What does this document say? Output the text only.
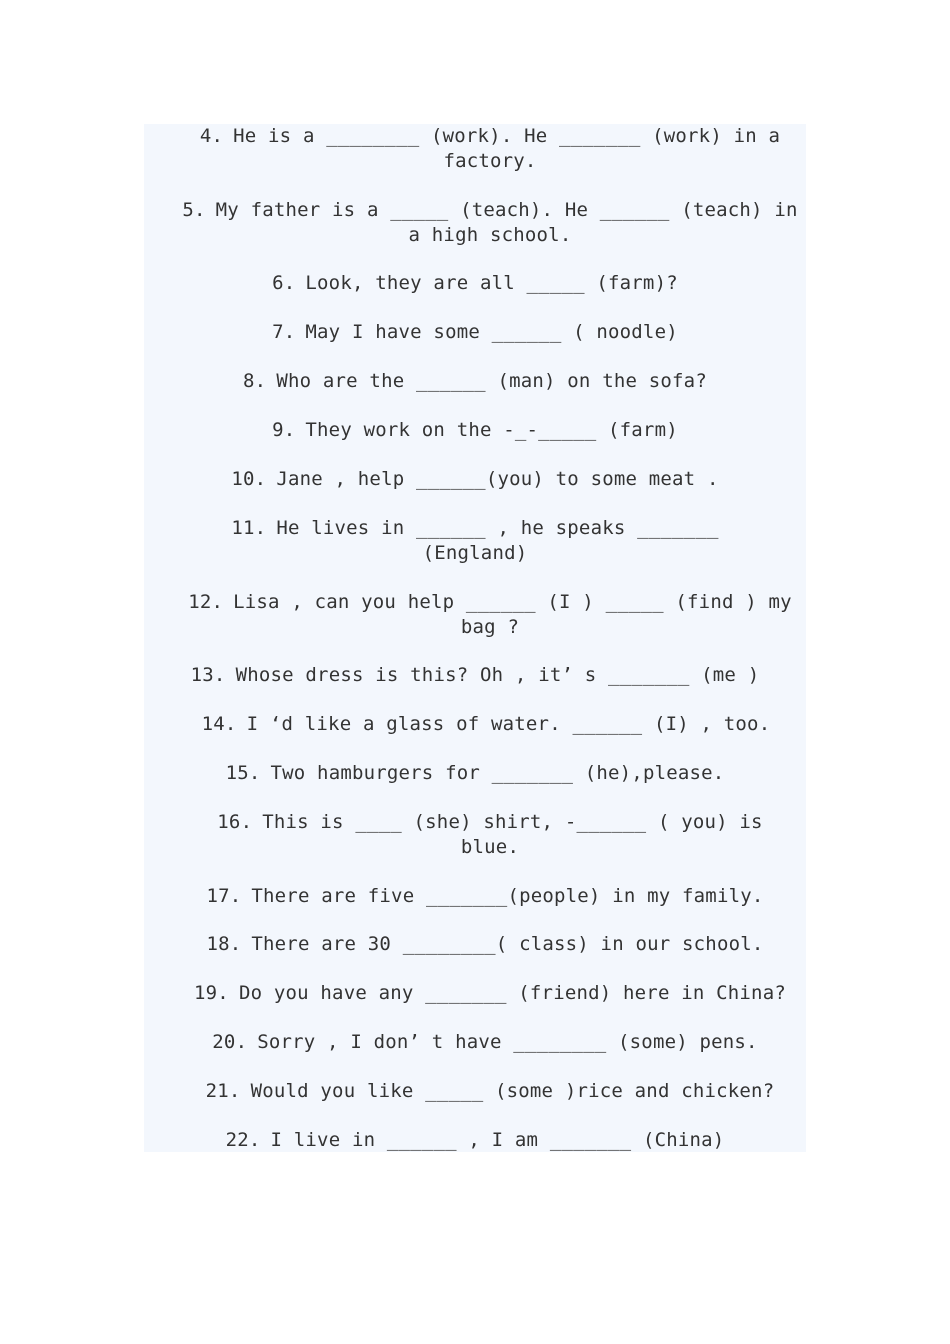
4. He is a ________ (work). He _______ (work) in a factory.
5. My father is a _____ (teach). He ______ (teach) in a high school.
6. Look, they are all _____ (farm)?
7. May I have some ______ ( noodle)
8. Who are the ______ (man) on the sofa?
9. They work on the -_-_____ (farm)
10. Jane , help ______(you) to some meat .
11. He lives in ______ , he speaks _______ (England)
12. Lisa , can you help ______ (I ) _____ (find ) my bag ?
13. Whose dress is this? Oh , it’ s _______ (me )
14. I ‘d like a glass of water. ______ (I) , too.
15. Two hamburgers for _______ (he),please.
16. This is ____ (she) shirt, -______ ( you) is blue.
17. There are five _______(people) in my family.
18. There are 30 ________( class) in our school.
19. Do you have any _______ (friend) here in China?
20. Sorry , I don’ t have ________ (some) pens.
21. Would you like _____ (some )rice and chicken?
22. I live in ______ , I am _______ (China)
